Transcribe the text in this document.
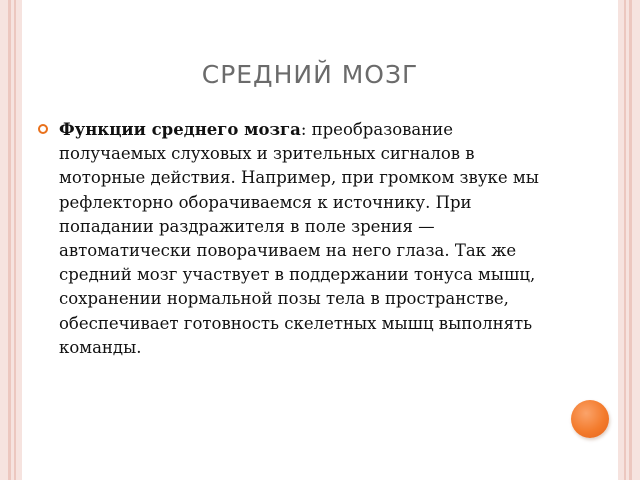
СРЕДНИЙ МОЗГ
Функции среднего мозга: преобразование получаемых слуховых и зрительных сигналов в моторные действия. Например, при громком звуке мы рефлекторно оборачиваемся к источнику. При попадании раздражителя в поле зрения — автоматически поворачиваем на него глаза. Так же средний мозг участвует в поддержании тонуса мышц, сохранении нормальной позы тела в пространстве, обеспечивает готовность скелетных мышц выполнять команды.
